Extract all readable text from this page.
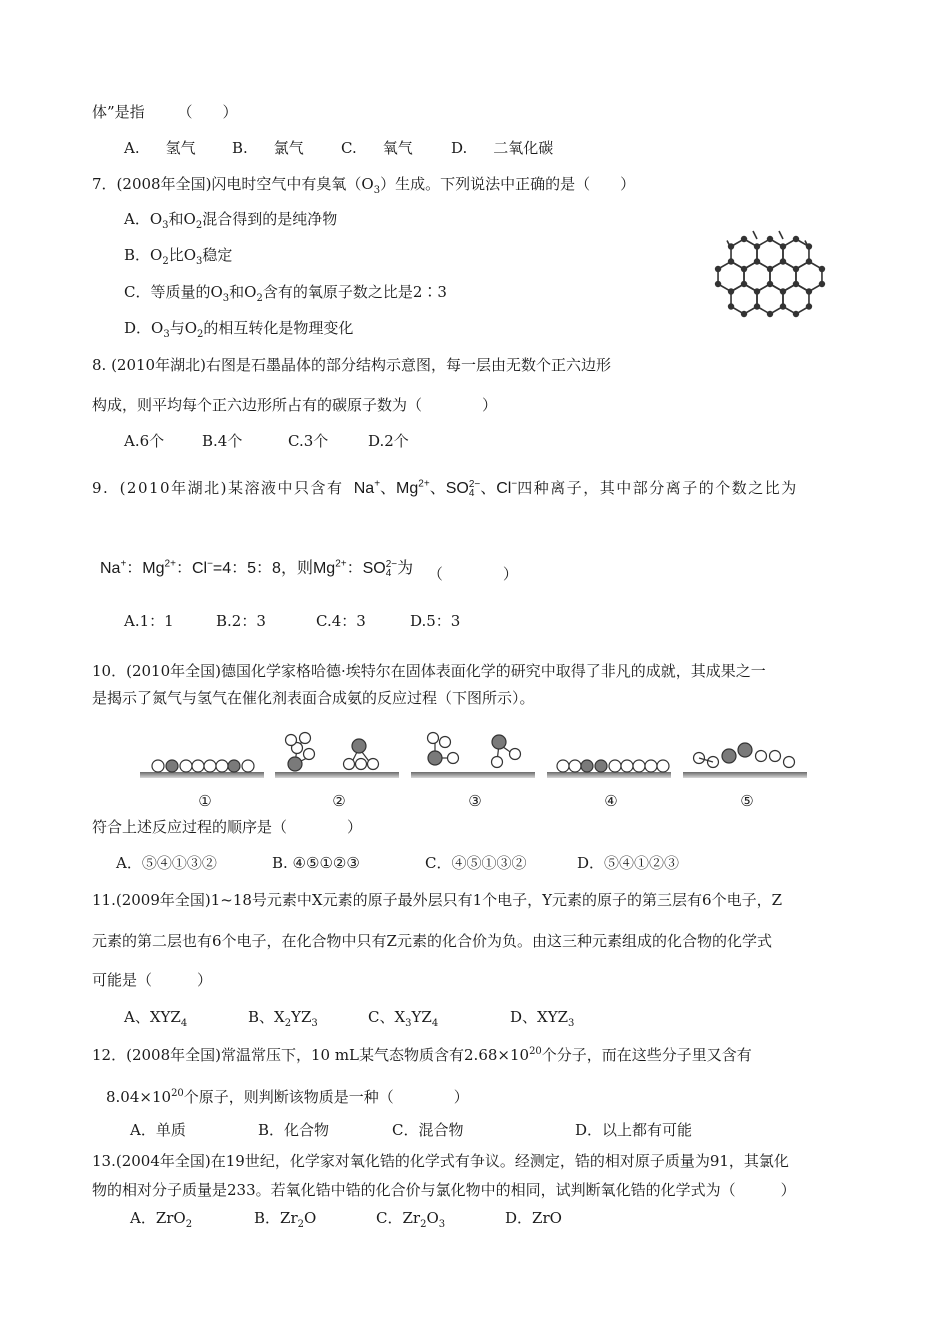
体”是指 （　　）
A. 氢气 B. 氯气 C. 氧气	D. 二氧化碳
7．(2008年全国)闪电时空气中有臭氧$(O_3)$生成。下列说法中正确的是（　　）
A．$O_3$和$O_2$混合得到的是纯净物
B．$O_2$比$O_3$稳定
C．等质量的$O_3$和$O_2$含有的氧原子数之比是2∶3
D．$O_3$与$O_2$的相互转化是物理变化
8. (2010年湖北)右图是石墨晶体的部分结构示意图，每一层由无数个正六边形
构成，则平均每个正六边形所占有的碳原子数为（　　　　）
A.6个	B.4个	C.3个	D.2个
9. (2010年湖北)某溶液中只含有 Na+、$Mg^{2+}$、SO 2−
4 、Cl−四种离子，其中部分离子的个数之比为
Na+：$Mg^{2+}$：Cl−=4：5：8，则$Mg^{2+}$：SO 2−
4 为 （　　　　）
A.1：1	B.2：3	C.4：3	D.5：3
10．(2010年全国)德国化学家格哈德·埃特尔在固体表面化学的研究中取得了非凡的成就，其成果之一
是揭示了氮气与氢气在催化剂表面合成氨的反应过程（下图所示）。
①	②	③	④	⑤
符合上述反应过程的顺序是（　　　　）
A．⑤④①③②	B. ④⑤①②③	C．④⑤①③②	D．⑤④①②③
11.(2009年全国)1~18号元素中X元素的原子最外层只有1个电子，Y元素的原子的第三层有6个电子，Z
元素的第二层也有6个电子，在化合物中只有Z元素的化合价为负。由这三种元素组成的化合物的化学式
可能是（　　　）
A、$XYZ_4$	B、$X_2YZ_3$	C、$X_3YZ_4$	D、$XYZ_3$
12．(2008年全国)常温常压下，10 mL某气态物质含有$2.68\times 10^{20}$个分子，而在这些分子里又含有
$8.04\times 10^{20}$个原子，则判断该物质是一种（　　　　）
A．单质	B．化合物	C．混合物	D．以上都有可能
13.(2004年全国)在19世纪，化学家对氧化锆的化学式有争议。经测定，锆的相对原子质量为91，其氯化
物的相对分子质量是233。若氧化锆中锆的化合价与氯化物中的相同，试判断氧化锆的化学式为（　　　）
A．ZrO$_2$	B．$Zr_2O$	C．$Zr_2O_3$	D．ZrO
